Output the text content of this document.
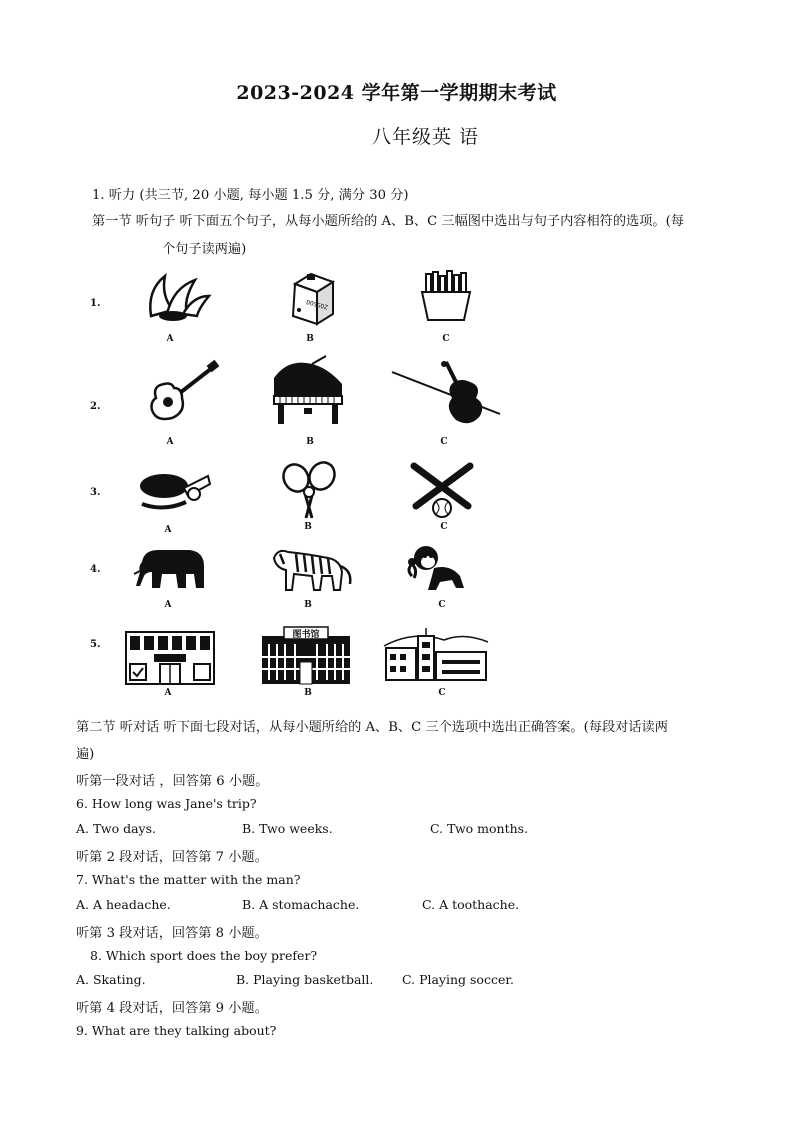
2023-2024 学年第一学期期末考试
八年级英 语
1. 听力 (共三节, 20 小题, 每小题 1.5 分, 满分 30 分)
第一节 听句子 听下面五个句子，从每小题所给的 A、B、C 三幅图中选出与句子内容相符的选项。(每
个句子读两遍)
1.
2.
3.
4.
5.
DOSGOZ
A	B	C
A	B	C
A	B	C
A	B	C
图书馆
A	B	C
第二节 听对话 听下面七段对话，从每小题所给的 A、B、C 三个选项中选出正确答案。(每段对话读两
遍)
听第一段对话 ，回答第 6 小题。
6. How long was Jane's trip?
A. Two days.	B. Two weeks.	C. Two months.
听第 2 段对话，回答第 7 小题。
7. What's the matter with the man?
A. A headache.	B. A stomachache.	C. A toothache.
听第 3 段对话，回答第 8 小题。
8. Which sport does the boy prefer?
A. Skating.	B. Playing basketball. C. Playing soccer.
听第 4 段对话，回答第 9 小题。
9. What are they talking about?
